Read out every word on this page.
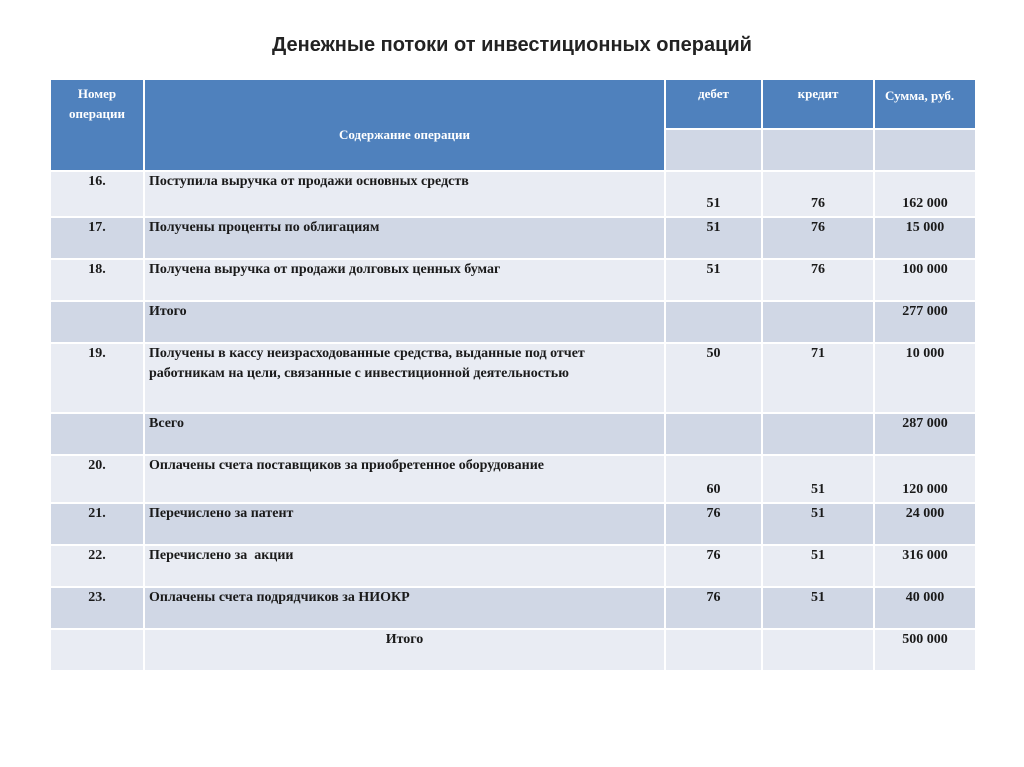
Денежные потоки от инвестиционных операций
Номер операции	Содержание операции	дебет	кредит	Сумма, руб.

16.	Поступила выручка от продажи основных средств	51	76	162 000
17.	Получены проценты по облигациям	51	76	15 000
18.	Получена выручка от продажи долговых ценных бумаг	51	76	100 000
	Итого			277 000
19.	Получены в кассу неизрасходованные средства, выданные под отчет работникам на цели, связанные с инвестиционной деятельностью	50	71	10 000
	Всего			287 000
20.	Оплачены счета поставщиков за приобретенное оборудование	60	51	120 000
21.	Перечислено за патент	76	51	24 000
22.	Перечислено за  акции	76	51	316 000
23.	Оплачены счета подрядчиков за НИОКР	76	51	40 000
	Итого			500 000
